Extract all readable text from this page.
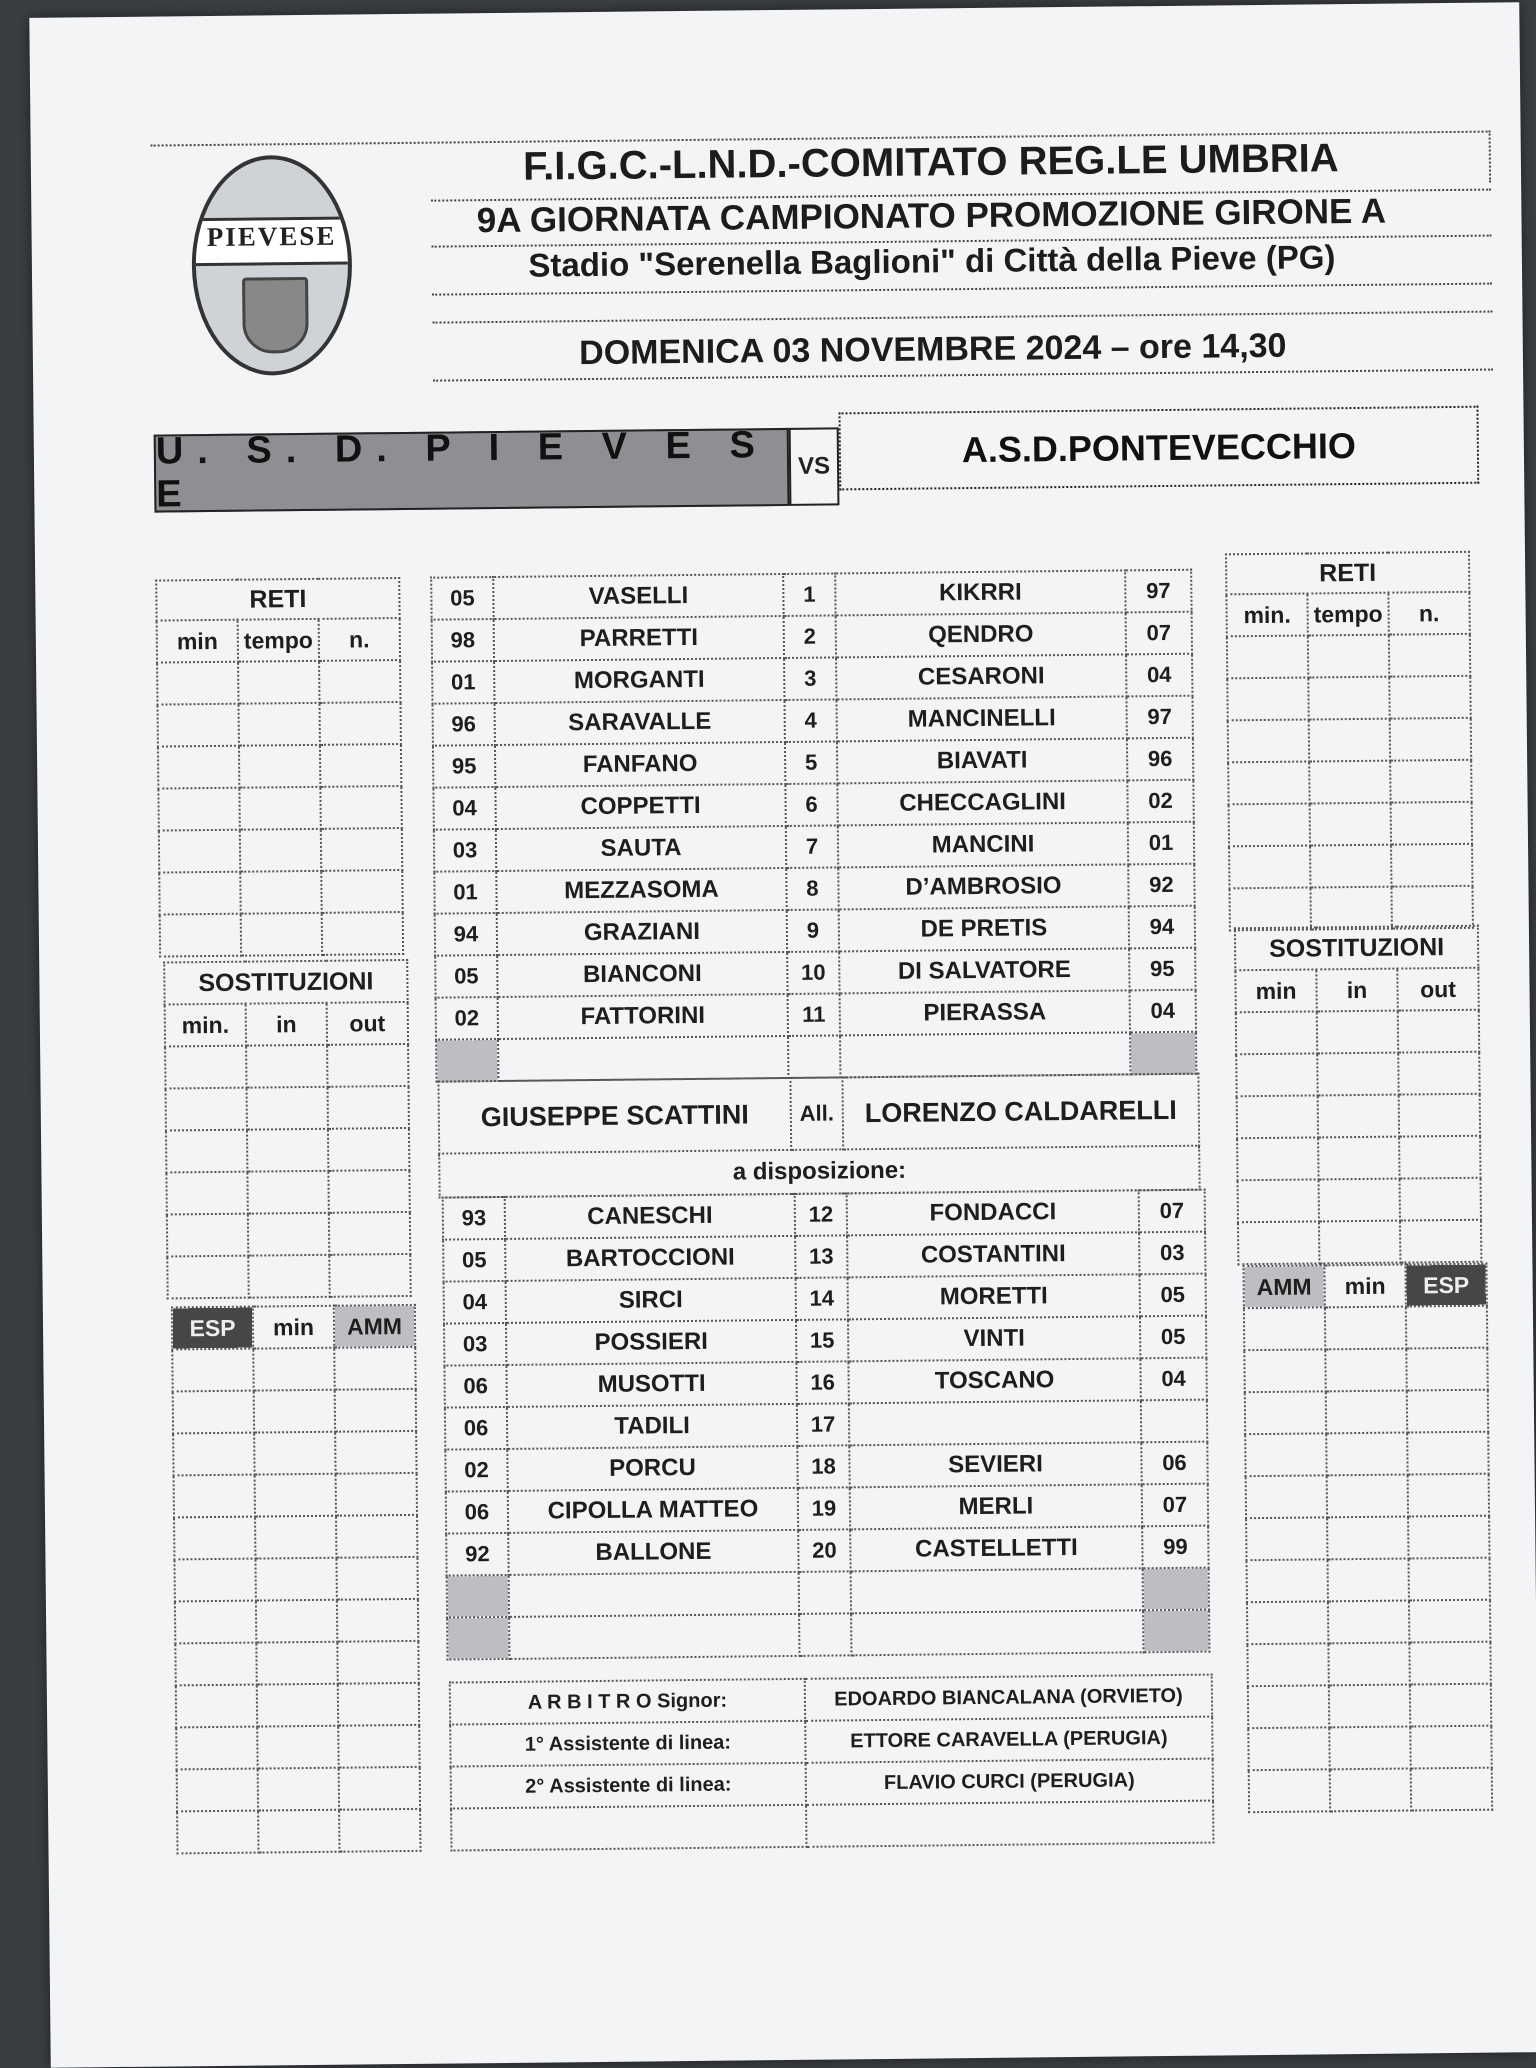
PIEVESE
F.I.G.C.-L.N.D.-COMITATO REG.LE UMBRIA
9A GIORNATA CAMPIONATO PROMOZIONE GIRONE A
Stadio "Serenella Baglioni" di Città della Pieve (PG)
DOMENICA 03 NOVEMBRE 2024 – ore 14,30
U. S. D. P I E V E S E
VS	A.S.D.PONTEVECCHIO
RETI		
min	tempo	n.

SOSTITUZIONI		
min.	in	out

ESP	min	AMM

RETI		
min.	tempo	n.

SOSTITUZIONI		
min	in	out

AMM	min	ESP

05	VASELLI	1	KIKRRI	97
98	PARRETTI	2	QENDRO	07
01	MORGANTI	3	CESARONI	04
96	SARAVALLE	4	MANCINELLI	97
95	FANFANO	5	BIAVATI	96
04	COPPETTI	6	CHECCAGLINI	02
03	SAUTA	7	MANCINI	01
01	MEZZASOMA	8	D’AMBROSIO	92
94	GRAZIANI	9	DE PRETIS	94
05	BIANCONI	10	DI SALVATORE	95
02	FATTORINI	11	PIERASSA	04

GIUSEPPE SCATTINI	All.	LORENZO CALDARELLI
a disposizione:
93	CANESCHI	12	FONDACCI	07
05	BARTOCCIONI	13	COSTANTINI	03
04	SIRCI	14	MORETTI	05
03	POSSIERI	15	VINTI	05
06	MUSOTTI	16	TOSCANO	04
06	TADILI	17		
02	PORCU	18	SEVIERI	06
06	CIPOLLA MATTEO	19	MERLI	07
92	BALLONE	20	CASTELLETTI	99

A R B I T R O Signor:	EDOARDO BIANCALANA (ORVIETO)
1° Assistente di linea:	ETTORE CARAVELLA (PERUGIA)
2° Assistente di linea:	FLAVIO CURCI (PERUGIA)
